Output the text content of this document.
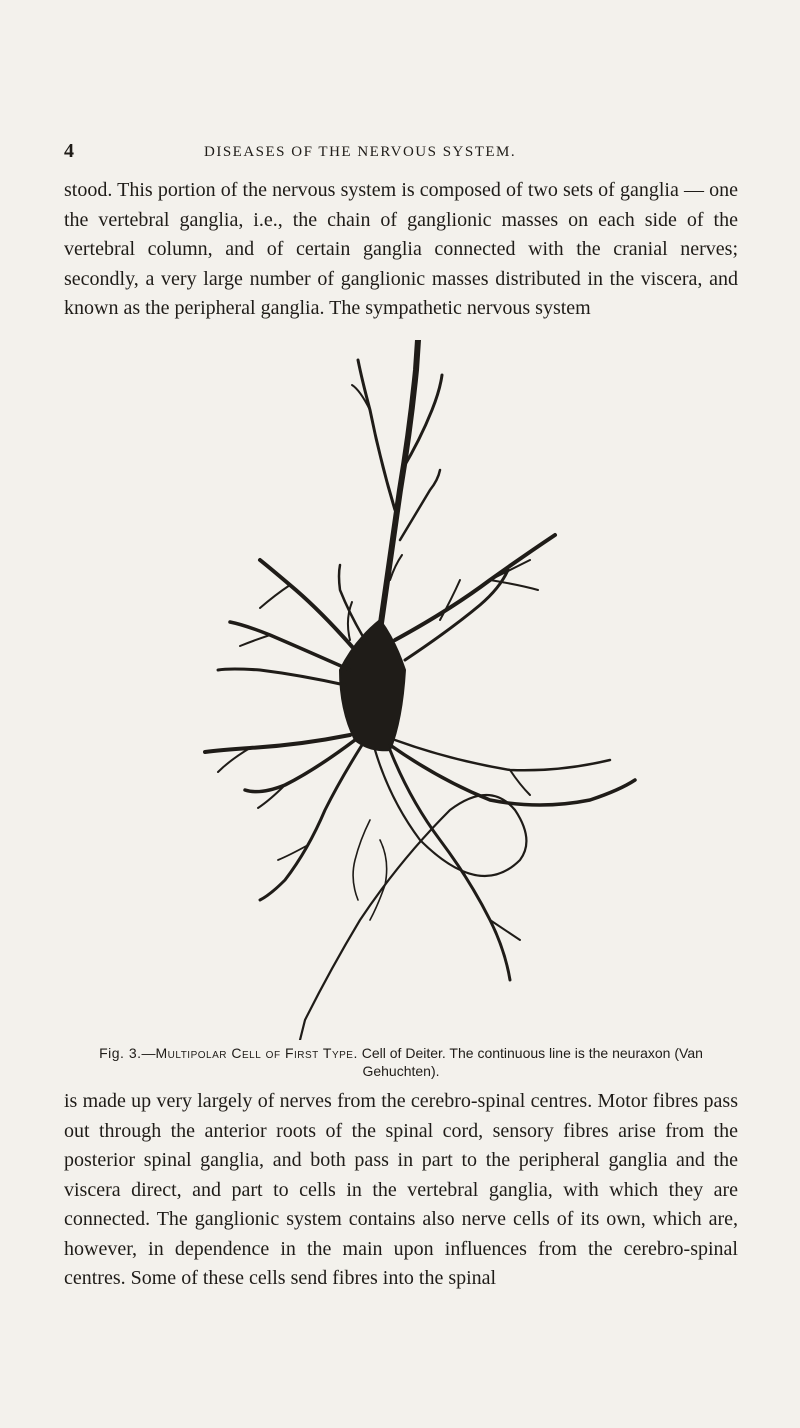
4	DISEASES OF THE NERVOUS SYSTEM.

stood. This portion of the nervous system is composed of two sets of ganglia — one the vertebral ganglia, i.e., the chain of ganglionic masses on each side of the vertebral column, and of certain ganglia connected with the cranial nerves; secondly, a very large number of ganglionic masses distributed in the viscera, and known as the peripheral ganglia. The sympathetic nervous system

Fig. 3.—Multipolar Cell of First Type. Cell of Deiter. The continuous line is the neuraxon (Van Gehuchten).

is made up very largely of nerves from the cerebro-spinal centres. Motor fibres pass out through the anterior roots of the spinal cord, sensory fibres arise from the posterior spinal ganglia, and both pass in part to the peripheral ganglia and the viscera direct, and part to cells in the vertebral ganglia, with which they are connected. The ganglionic system contains also nerve cells of its own, which are, however, in dependence in the main upon influences from the cerebro-spinal centres. Some of these cells send fibres into the spinal
